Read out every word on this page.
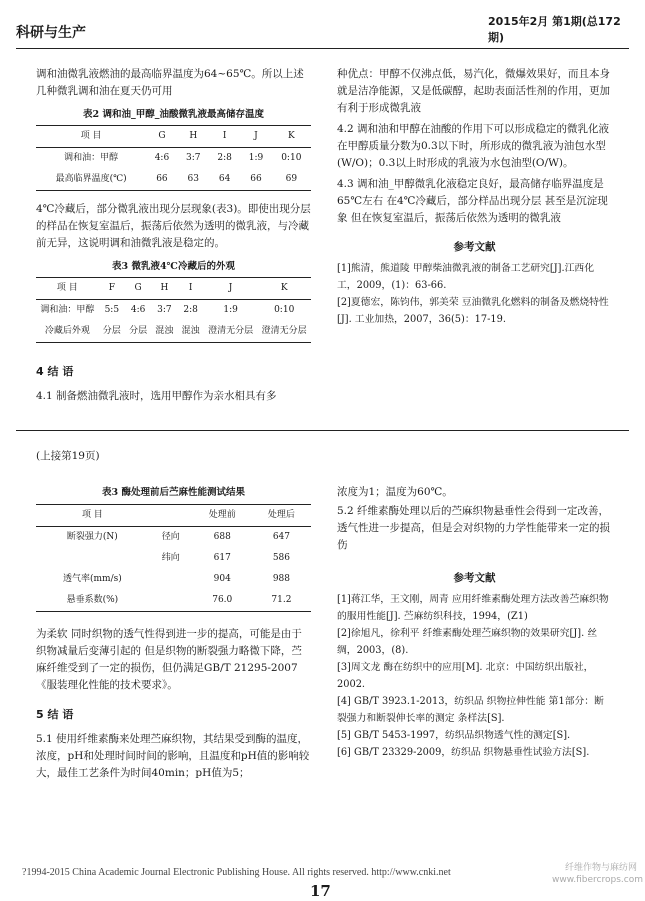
科研与生产
2015年2月 第1期(总172期)

调和油微乳液燃油的最高临界温度为64~65℃。所以上述几种微乳调和油在夏天仍可用

表2 调和油_甲醇_油酸微乳液最高储存温度
项 目	G	H	I	J	K
调和油：甲醇	4:6	3:7	2:8	1:9	0:10
最高临界温度(℃)	66	63	64	66	69

4℃冷藏后，部分微乳液出现分层现象(表3)。即使出现分层的样品在恢复室温后，振荡后依然为透明的微乳液，与冷藏前无异，这说明调和油微乳液是稳定的。

表3 微乳液4℃冷藏后的外观
项 目	F	G	H	I	J	K
调和油：甲醇	5:5	4:6	3:7	2:8	1:9	0:10
冷藏后外观	分层	分层	混浊	混浊	澄清无分层	澄清无分层
4 结 语

4.1 制备燃油微乳液时，选用甲醇作为亲水相具有多

种优点：甲醇不仅沸点低，易汽化，微爆效果好，而且本身就是洁净能源，又是低碳醇，起助表面活性剂的作用，更加有利于形成微乳液

4.2 调和油和甲醇在油酸的作用下可以形成稳定的微乳化液 在甲醇质量分数为0.3以下时，所形成的微乳液为油包水型(W/O)；0.3以上时形成的乳液为水包油型(O/W)。

4.3 调和油_甲醇微乳化液稳定良好，最高储存临界温度是65℃左右 在4℃冷藏后，部分样品出现分层 甚至是沉淀现象 但在恢复室温后，振荡后依然为透明的微乳液

参考文献

[1]熊清，熊道陵 甲醇柴油微乳液的制备工艺研究[J].江西化工，2009，(1)：63-66.

[2]夏德宏，陈钧伟，郭美荣 豆油微乳化燃料的制备及燃烧特性[J]. 工业加热，2007，36(5)：17-19.

(上接第19页)
表3 酶处理前后苎麻性能测试结果
项 目		处理前	处理后
断裂强力(N)	径向	688	647
	纬向	617	586
透气率(mm/s)		904	988
悬垂系数(%)		76.0	71.2

为柔软 同时织物的透气性得到进一步的提高，可能是由于织物减量后变薄引起的 但是织物的断裂强力略微下降，苎麻纤维受到了一定的损伤，但仍满足GB/T 21295-2007《服装理化性能的技术要求》。

5 结 语

5.1 使用纤维素酶来处理苎麻织物，其结果受到酶的温度，浓度，pH和处理时间时间的影响，且温度和pH值的影响较大，最佳工艺条件为时间40min；pH值为5；

浓度为1；温度为60℃。

5.2 纤维素酶处理以后的苎麻织物悬垂性会得到一定改善，透气性进一步提高，但是会对织物的力学性能带来一定的损伤

参考文献

[1]蒋江华，王文刚，周青 应用纤维素酶处理方法改善苎麻织物的服用性能[J]. 苎麻纺织科技，1994，(Z1)

[2]徐旭凡，徐利平 纤维素酶处理苎麻织物的效果研究[J]. 丝绸，2003，(8).

[3]周文龙 酶在纺织中的应用[M]. 北京：中国纺织出版社，2002.

[4] GB/T 3923.1-2013，纺织品 织物拉伸性能 第1部分：断裂强力和断裂伸长率的测定 条样法[S].

[5] GB/T 5453-1997，纺织品织物透气性的测定[S].

[6] GB/T 23329-2009，纺织品 织物悬垂性试验方法[S].

?1994-2015 China Academic Journal Electronic Publishing House. All rights reserved. http://www.cnki.net
17
纤维作物与麻纺网 www.fibercrops.com
